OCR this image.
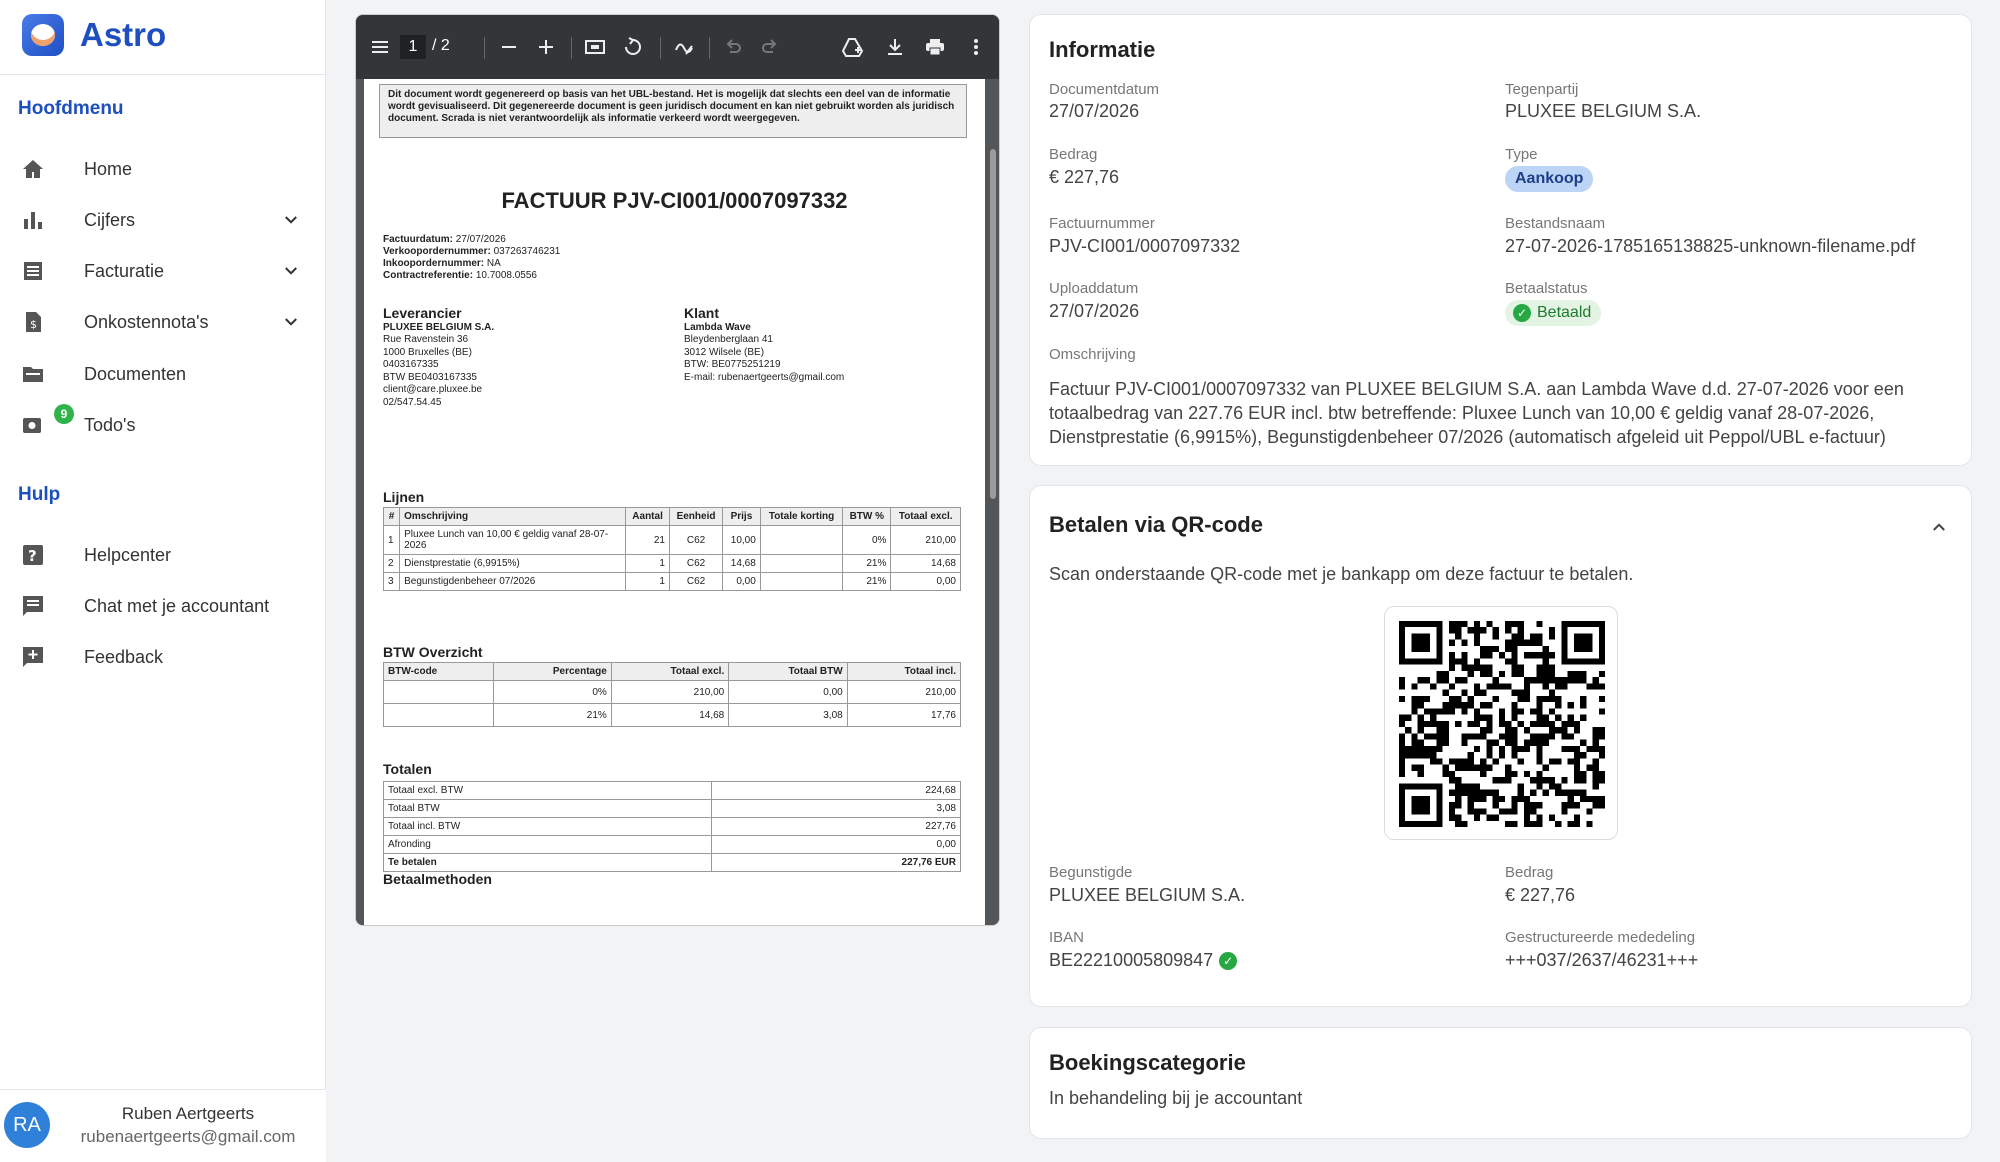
Astro
Hoofdmenu
Home
Cijfers
Facturatie
$	Onkostennota's
Documenten
9
Todo's
Hulp
?	Helpcenter
Chat met je accountant
Feedback
RA	Ruben Aertgeerts
rubenaertgeerts@gmail.com
1 / 2
Dit document wordt gegenereerd op basis van het UBL-bestand. Het is mogelijk dat slechts een deel van de informatie wordt gevisualiseerd. Dit gegenereerde document is geen juridisch document en kan niet gebruikt worden als juridisch document. Scrada is niet verantwoordelijk als informatie verkeerd wordt weergegeven.
FACTUUR PJV-CI001/0007097332
Factuurdatum: 27/07/2026
Verkoopordernummer: 037263746231
Inkoopordernummer: NA
Contractreferentie: 10.7008.0556
Leverancier
PLUXEE BELGIUM S.A.
Rue Ravenstein 36
1000 Bruxelles (BE)
0403167335
BTW BE0403167335
client@care.pluxee.be
02/547.54.45
Klant
Lambda Wave
Bleydenberglaan 41
3012 Wilsele (BE)
BTW: BE0775251219
E-mail: rubenaertgeerts@gmail.com
Lijnen
#	Omschrijving	Aantal	Eenheid	Prijs	Totale korting	BTW %	Totaal excl.
1	Pluxee Lunch van 10,00 € geldig vanaf 28-07-2026	21	C62	10,00		0%	210,00
2	Dienstprestatie (6,9915%)	1	C62	14,68		21%	14,68
3	Begunstigdenbeheer 07/2026	1	C62	0,00		21%	0,00
BTW Overzicht
BTW-code	Percentage	Totaal excl.	Totaal BTW	Totaal incl.
	0%	210,00	0,00	210,00
	21%	14,68	3,08	17,76
Totalen
Totaal excl. BTW	224,68
Totaal BTW	3,08
Totaal incl. BTW	227,76
Afronding	0,00
Te betalen	227,76 EUR
Betaalmethoden
Informatie
Documentdatum
27/07/2026
Tegenpartij
PLUXEE BELGIUM S.A.
Bedrag
€ 227,76
Type
Aankoop
Factuurnummer
PJV-CI001/0007097332
Bestandsnaam
27-07-2026-1785165138825-unknown-filename.pdf
Uploaddatum
27/07/2026
Betaalstatus
✓ Betaald
Omschrijving
Factuur PJV-CI001/0007097332 van PLUXEE BELGIUM S.A. aan Lambda Wave d.d. 27-07-2026 voor een totaalbedrag van 227.76 EUR incl. btw betreffende: Pluxee Lunch van 10,00 € geldig vanaf 28-07-2026, Dienstprestatie (6,9915%), Begunstigdenbeheer 07/2026 (automatisch afgeleid uit Peppol/UBL e-factuur)
Betalen via QR-code
Scan onderstaande QR-code met je bankapp om deze factuur te betalen.
Begunstigde
PLUXEE BELGIUM S.A.
Bedrag
€ 227,76
IBAN
BE22210005809847 ✓
Gestructureerde mededeling
+++037/2637/46231+++
Boekingscategorie
In behandeling bij je accountant
